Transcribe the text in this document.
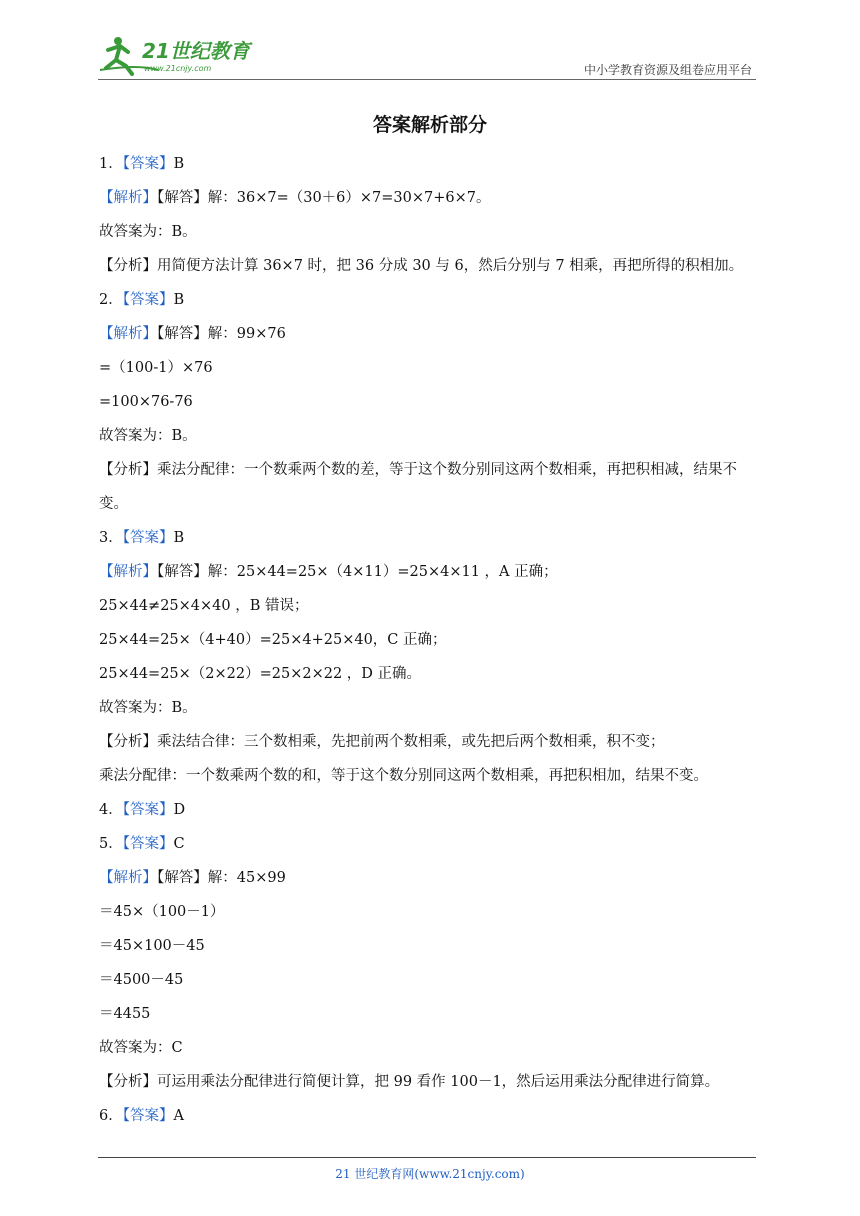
21世纪教育
www.21cnjy.com	中小学教育资源及组卷应用平台
答案解析部分
1．【答案】B
【解析】【解答】解：36×7=（30＋6）×7=30×7+6×7。
故答案为：B。
【分析】用简便方法计算 36×7 时，把 36 分成 30 与 6，然后分别与 7 相乘，再把所得的积相加。
2．【答案】B
【解析】【解答】解：99×76
=（100-1）×76
=100×76-76
故答案为：B。
【分析】乘法分配律：一个数乘两个数的差，等于这个数分别同这两个数相乘，再把积相减，结果不变。
3．【答案】B
【解析】【解答】解：25×44=25×（4×11）=25×4×11 ，A 正确；
25×44≠25×4×40 ，B 错误；
25×44=25×（4+40）=25×4+25×40，C 正确；
25×44=25×（2×22）=25×2×22 ，D 正确。
故答案为：B。
【分析】乘法结合律：三个数相乘，先把前两个数相乘，或先把后两个数相乘，积不变；
乘法分配律：一个数乘两个数的和，等于这个数分别同这两个数相乘，再把积相加，结果不变。
4．【答案】D
5．【答案】C
【解析】【解答】解：45×99
＝45×（100－1）
＝45×100－45
＝4500－45
＝4455
故答案为：C
【分析】可运用乘法分配律进行简便计算，把 99 看作 100－1，然后运用乘法分配律进行简算。
6．【答案】A
21 世纪教育网(www.21cnjy.com)
